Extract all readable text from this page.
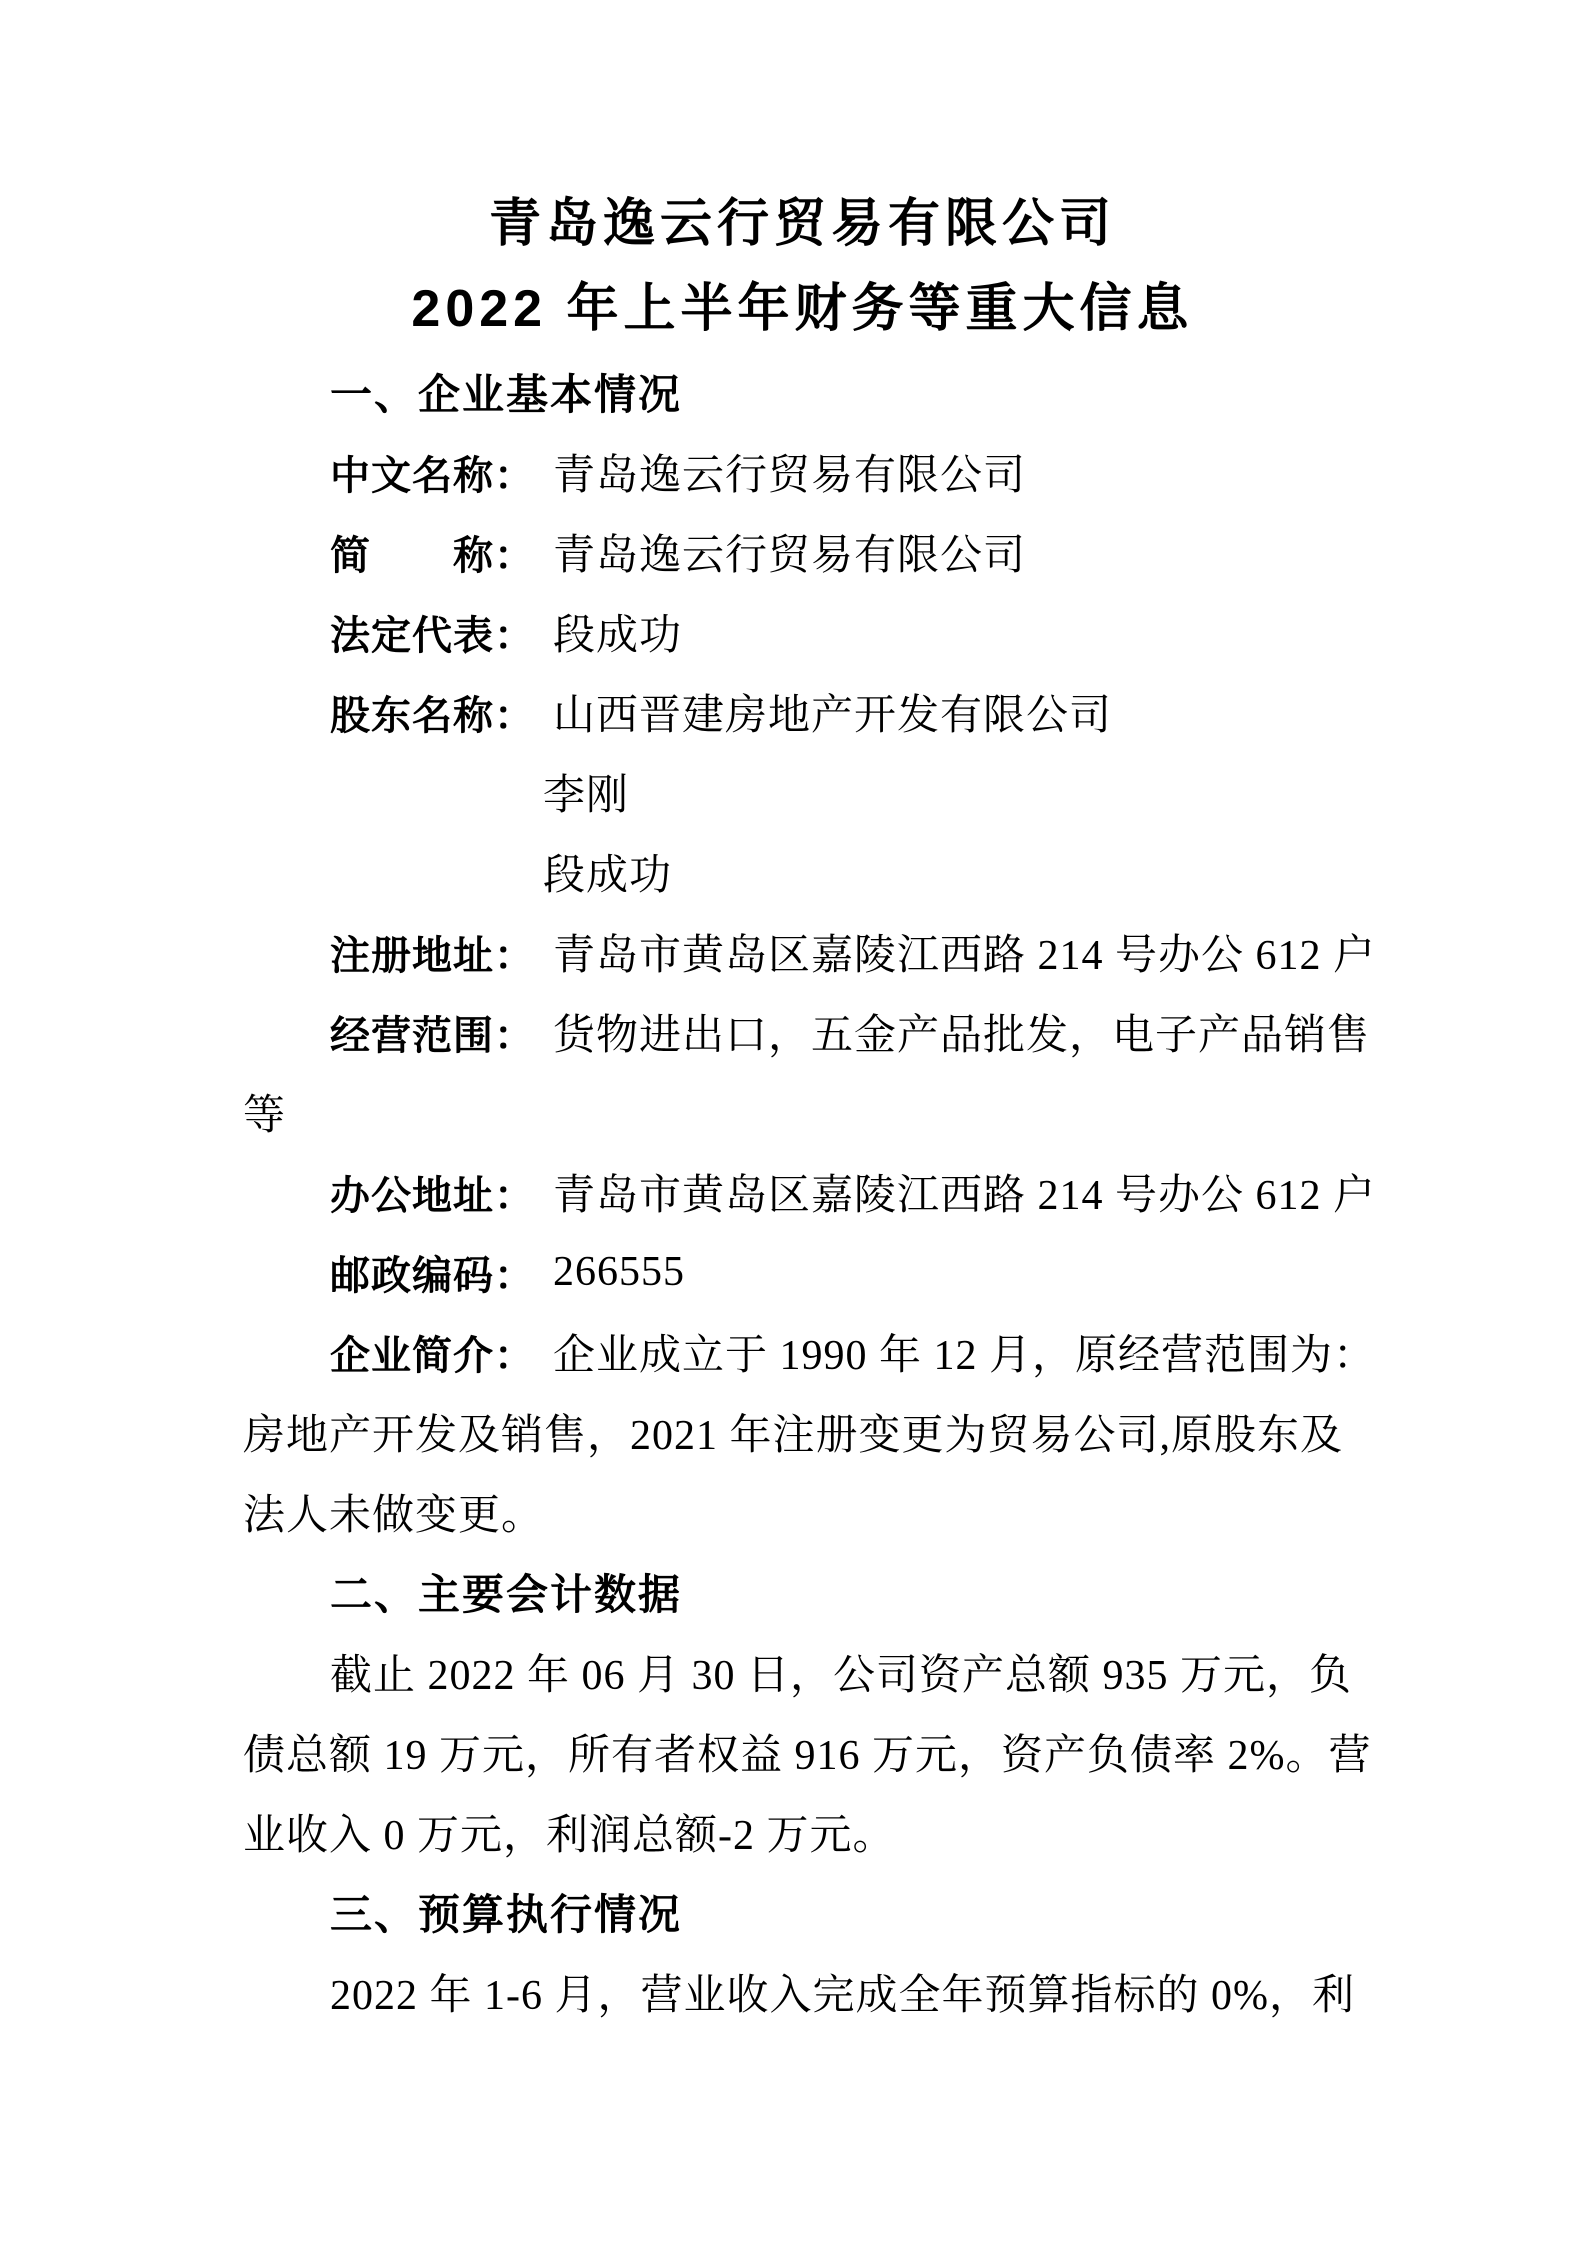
青岛逸云行贸易有限公司
2022 年上半年财务等重大信息
一、企业基本情况
中文名称： 青岛逸云行贸易有限公司
简　　称： 青岛逸云行贸易有限公司
法定代表： 段成功
股东名称： 山西晋建房地产开发有限公司
李刚
段成功
注册地址： 青岛市黄岛区嘉陵江西路 214 号办公 612 户
经营范围： 货物进出口，五金产品批发，电子产品销售
等
办公地址： 青岛市黄岛区嘉陵江西路 214 号办公 612 户
邮政编码： 266555
企业简介： 企业成立于 1990 年 12 月，原经营范围为：
房地产开发及销售，2021 年注册变更为贸易公司,原股东及
法人未做变更。
二、主要会计数据
截止 2022 年 06 月 30 日，公司资产总额 935 万元，负
债总额 19 万元，所有者权益 916 万元，资产负债率 2%。营
业收入 0 万元，利润总额-2 万元。
三、预算执行情况
2022 年 1-6 月，营业收入完成全年预算指标的 0%，利
